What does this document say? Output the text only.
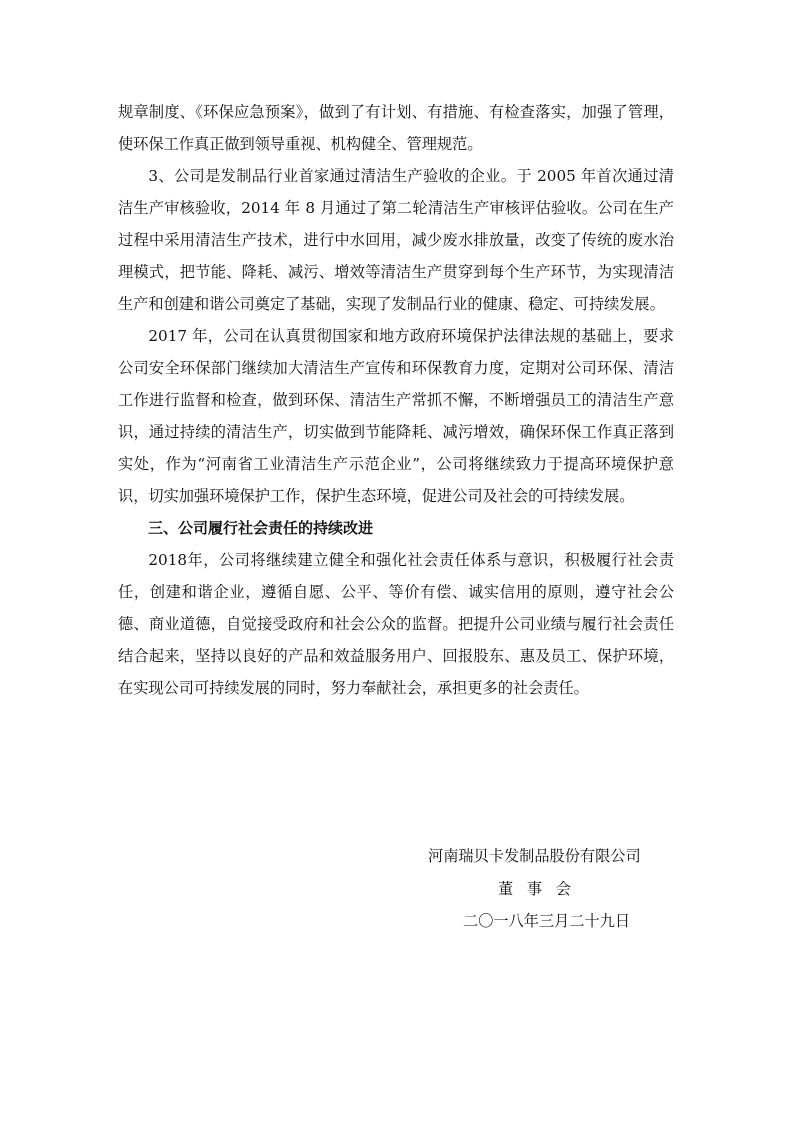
规章制度、《环保应急预案》，做到了有计划、有措施、有检查落实，加强了管理，使环保工作真正做到领导重视、机构健全、管理规范。

3、公司是发制品行业首家通过清洁生产验收的企业。于 2005 年首次通过清洁生产审核验收，2014 年 8 月通过了第二轮清洁生产审核评估验收。公司在生产过程中采用清洁生产技术，进行中水回用，减少废水排放量，改变了传统的废水治理模式，把节能、降耗、减污、增效等清洁生产贯穿到每个生产环节，为实现清洁生产和创建和谐公司奠定了基础，实现了发制品行业的健康、稳定、可持续发展。

2017 年，公司在认真贯彻国家和地方政府环境保护法律法规的基础上，要求公司安全环保部门继续加大清洁生产宣传和环保教育力度，定期对公司环保、清洁工作进行监督和检查，做到环保、清洁生产常抓不懈，不断增强员工的清洁生产意识，通过持续的清洁生产，切实做到节能降耗、减污增效，确保环保工作真正落到实处，作为“河南省工业清洁生产示范企业”，公司将继续致力于提高环境保护意识，切实加强环境保护工作，保护生态环境，促进公司及社会的可持续发展。

三、公司履行社会责任的持续改进

2018年，公司将继续建立健全和强化社会责任体系与意识，积极履行社会责任，创建和谐企业，遵循自愿、公平、等价有偿、诚实信用的原则，遵守社会公德、商业道德，自觉接受政府和社会公众的监督。把提升公司业绩与履行社会责任结合起来，坚持以良好的产品和效益服务用户、回报股东、惠及员工、保护环境，在实现公司可持续发展的同时，努力奉献社会，承担更多的社会责任。

河南瑞贝卡发制品股份有限公司
董事会
二〇一八年三月二十九日
